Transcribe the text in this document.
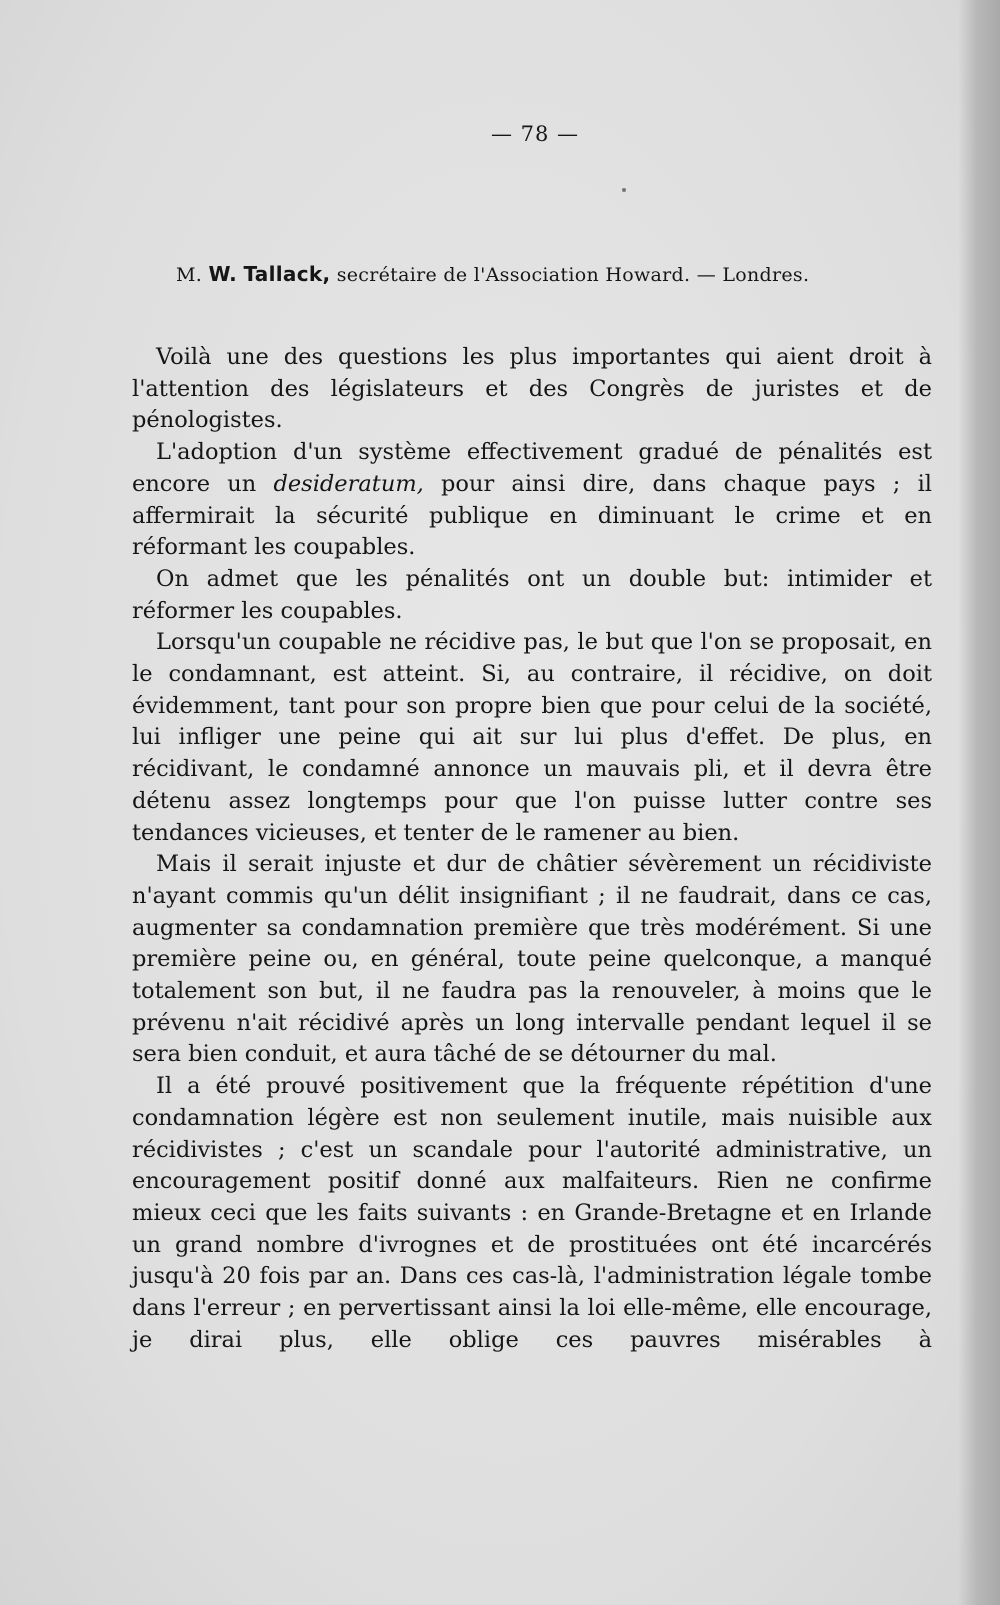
— 78 —
M. W. Tallack, secrétaire de l'Association Howard. — Londres.

Voilà une des questions les plus importantes qui aient droit à l'attention des législateurs et des Congrès de juristes et de pénologistes.

L'adoption d'un système effectivement gradué de pénalités est encore un desideratum, pour ainsi dire, dans chaque pays ; il affermirait la sécurité publique en diminuant le crime et en réformant les coupables.

On admet que les pénalités ont un double but: intimider et réformer les coupables.

Lorsqu'un coupable ne récidive pas, le but que l'on se proposait, en le condamnant, est atteint. Si, au contraire, il récidive, on doit évidemment, tant pour son propre bien que pour celui de la société, lui infliger une peine qui ait sur lui plus d'effet. De plus, en récidivant, le condamné annonce un mauvais pli, et il devra être détenu assez longtemps pour que l'on puisse lutter contre ses tendances vicieuses, et tenter de le ramener au bien.

Mais il serait injuste et dur de châtier sévèrement un récidiviste n'ayant commis qu'un délit insignifiant ; il ne faudrait, dans ce cas, augmenter sa condamnation première que très modérément. Si une première peine ou, en général, toute peine quelconque, a manqué totalement son but, il ne faudra pas la renouveler, à moins que le prévenu n'ait récidivé après un long intervalle pendant lequel il se sera bien conduit, et aura tâché de se détourner du mal.

Il a été prouvé positivement que la fréquente répétition d'une condamnation légère est non seulement inutile, mais nuisible aux récidivistes ; c'est un scandale pour l'autorité administrative, un encouragement positif donné aux malfaiteurs. Rien ne confirme mieux ceci que les faits suivants : en Grande-Bretagne et en Irlande un grand nombre d'ivrognes et de prostituées ont été incarcérés jusqu'à 20 fois par an. Dans ces cas-là, l'administration légale tombe dans l'erreur ; en pervertissant ainsi la loi elle-même, elle encourage, je dirai plus, elle oblige ces pauvres misérables à
